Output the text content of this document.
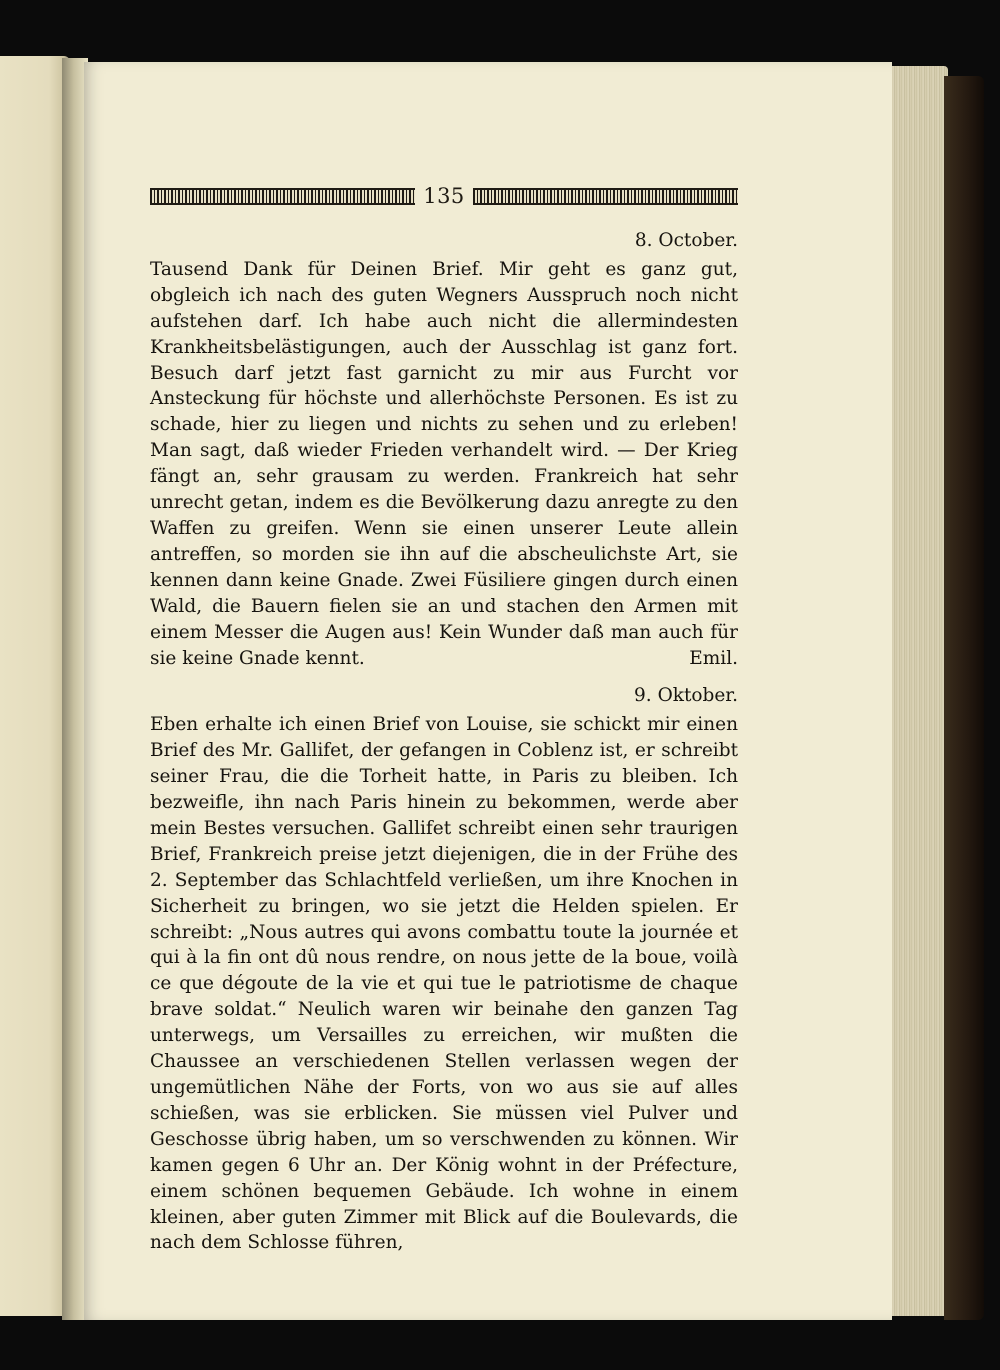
135
8. October.

Tausend Dank für Deinen Brief. Mir geht es ganz gut, obgleich ich nach des guten Wegners Ausspruch noch nicht aufstehen darf. Ich habe auch nicht die allermindesten Krankheitsbelästigungen, auch der Ausschlag ist ganz fort. Besuch darf jetzt fast garnicht zu mir aus Furcht vor Ansteckung für höchste und allerhöchste Personen. Es ist zu schade, hier zu liegen und nichts zu sehen und zu erleben! Man sagt, daß wieder Frieden verhandelt wird. — Der Krieg fängt an, sehr grausam zu werden. Frankreich hat sehr unrecht getan, indem es die Bevölkerung dazu anregte zu den Waffen zu greifen. Wenn sie einen unserer Leute allein antreffen, so morden sie ihn auf die abscheulichste Art, sie kennen dann keine Gnade. Zwei Füsiliere gingen durch einen Wald, die Bauern fielen sie an und stachen den Armen mit einem Messer die Augen aus! Kein Wunder daß man auch für sie keine Gnade kennt.	Emil.
9. Oktober.

Eben erhalte ich einen Brief von Louise, sie schickt mir einen Brief des Mr. Gallifet, der gefangen in Coblenz ist, er schreibt seiner Frau, die die Torheit hatte, in Paris zu bleiben. Ich bezweifle, ihn nach Paris hinein zu bekommen, werde aber mein Bestes versuchen. Gallifet schreibt einen sehr traurigen Brief, Frankreich preise jetzt diejenigen, die in der Frühe des 2. September das Schlachtfeld verließen, um ihre Knochen in Sicherheit zu bringen, wo sie jetzt die Helden spielen. Er schreibt: „Nous autres qui avons combattu toute la journée et qui à la fin ont dû nous rendre, on nous jette de la boue, voilà ce que dégoute de la vie et qui tue le patriotisme de chaque brave soldat.“ Neulich waren wir beinahe den ganzen Tag unterwegs, um Versailles zu erreichen, wir mußten die Chaussee an verschiedenen Stellen verlassen wegen der ungemütlichen Nähe der Forts, von wo aus sie auf alles schießen, was sie erblicken. Sie müssen viel Pulver und Geschosse übrig haben, um so verschwenden zu können. Wir kamen gegen 6 Uhr an. Der König wohnt in der Préfecture, einem schönen bequemen Gebäude. Ich wohne in einem kleinen, aber guten Zimmer mit Blick auf die Boulevards, die nach dem Schlosse führen,
